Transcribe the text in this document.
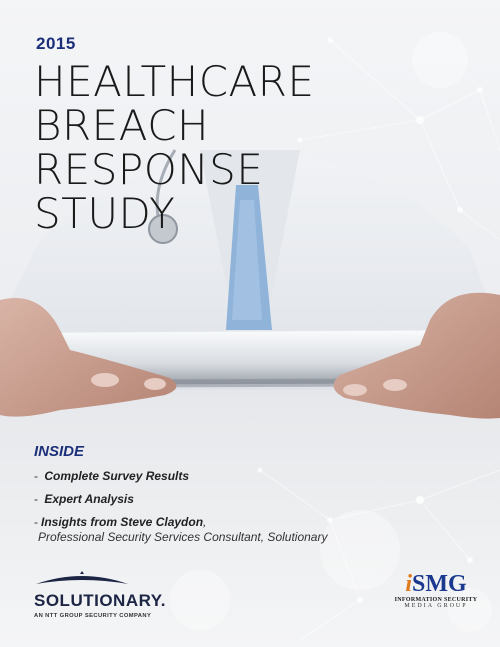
2015
HEALTHCARE
BREACH
RESPONSE
STUDY
INSIDE
- Complete Survey Results
- Expert Analysis
- Insights from Steve Claydon,
Professional Security Services Consultant, Solutionary
SOLUTIONARY.
AN NTT GROUP SECURITY COMPANY
iSMG
INFORMATION SECURITY
MEDIA GROUP
